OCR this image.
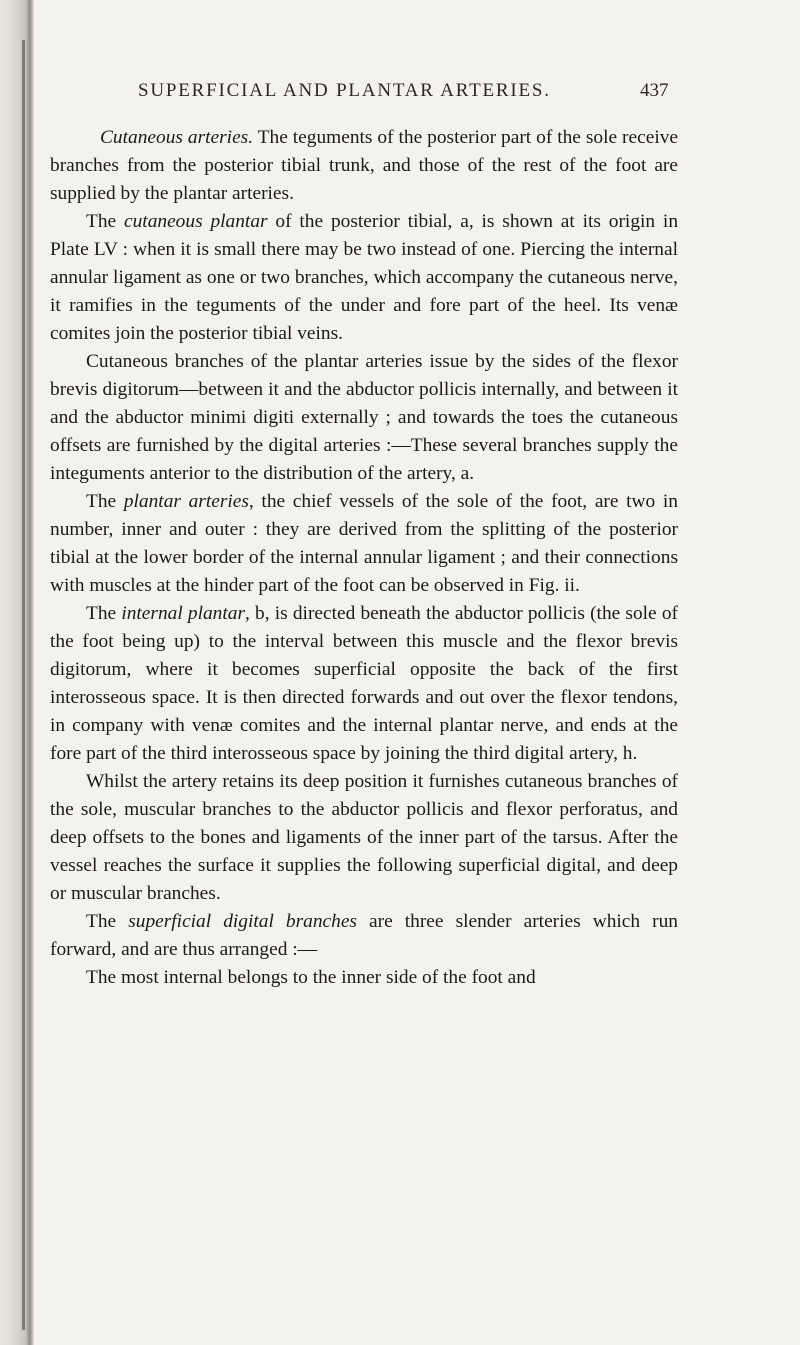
SUPERFICIAL AND PLANTAR ARTERIES.	437

Cutaneous arteries. The teguments of the posterior part of the sole receive branches from the posterior tibial trunk, and those of the rest of the foot are supplied by the plantar arteries.

The cutaneous plantar of the posterior tibial, a, is shown at its origin in Plate LV : when it is small there may be two instead of one. Piercing the internal annular ligament as one or two branches, which accompany the cutaneous nerve, it ramifies in the teguments of the under and fore part of the heel. Its venæ comites join the posterior tibial veins.

Cutaneous branches of the plantar arteries issue by the sides of the flexor brevis digitorum—between it and the abductor pollicis internally, and between it and the abductor minimi digiti externally ; and towards the toes the cutaneous offsets are furnished by the digital arteries :—These several branches supply the integuments anterior to the distribution of the artery, a.

The plantar arteries, the chief vessels of the sole of the foot, are two in number, inner and outer : they are derived from the splitting of the posterior tibial at the lower border of the internal annular ligament ; and their connections with muscles at the hinder part of the foot can be observed in Fig. ii.

The internal plantar, b, is directed beneath the abductor pollicis (the sole of the foot being up) to the interval between this muscle and the flexor brevis digitorum, where it becomes superficial opposite the back of the first interosseous space. It is then directed forwards and out over the flexor tendons, in company with venæ comites and the internal plantar nerve, and ends at the fore part of the third interosseous space by joining the third digital artery, h.

Whilst the artery retains its deep position it furnishes cutaneous branches of the sole, muscular branches to the abductor pollicis and flexor perforatus, and deep offsets to the bones and ligaments of the inner part of the tarsus. After the vessel reaches the surface it supplies the following superficial digital, and deep or muscular branches.

The superficial digital branches are three slender arteries which run forward, and are thus arranged :—

The most internal belongs to the inner side of the foot and
